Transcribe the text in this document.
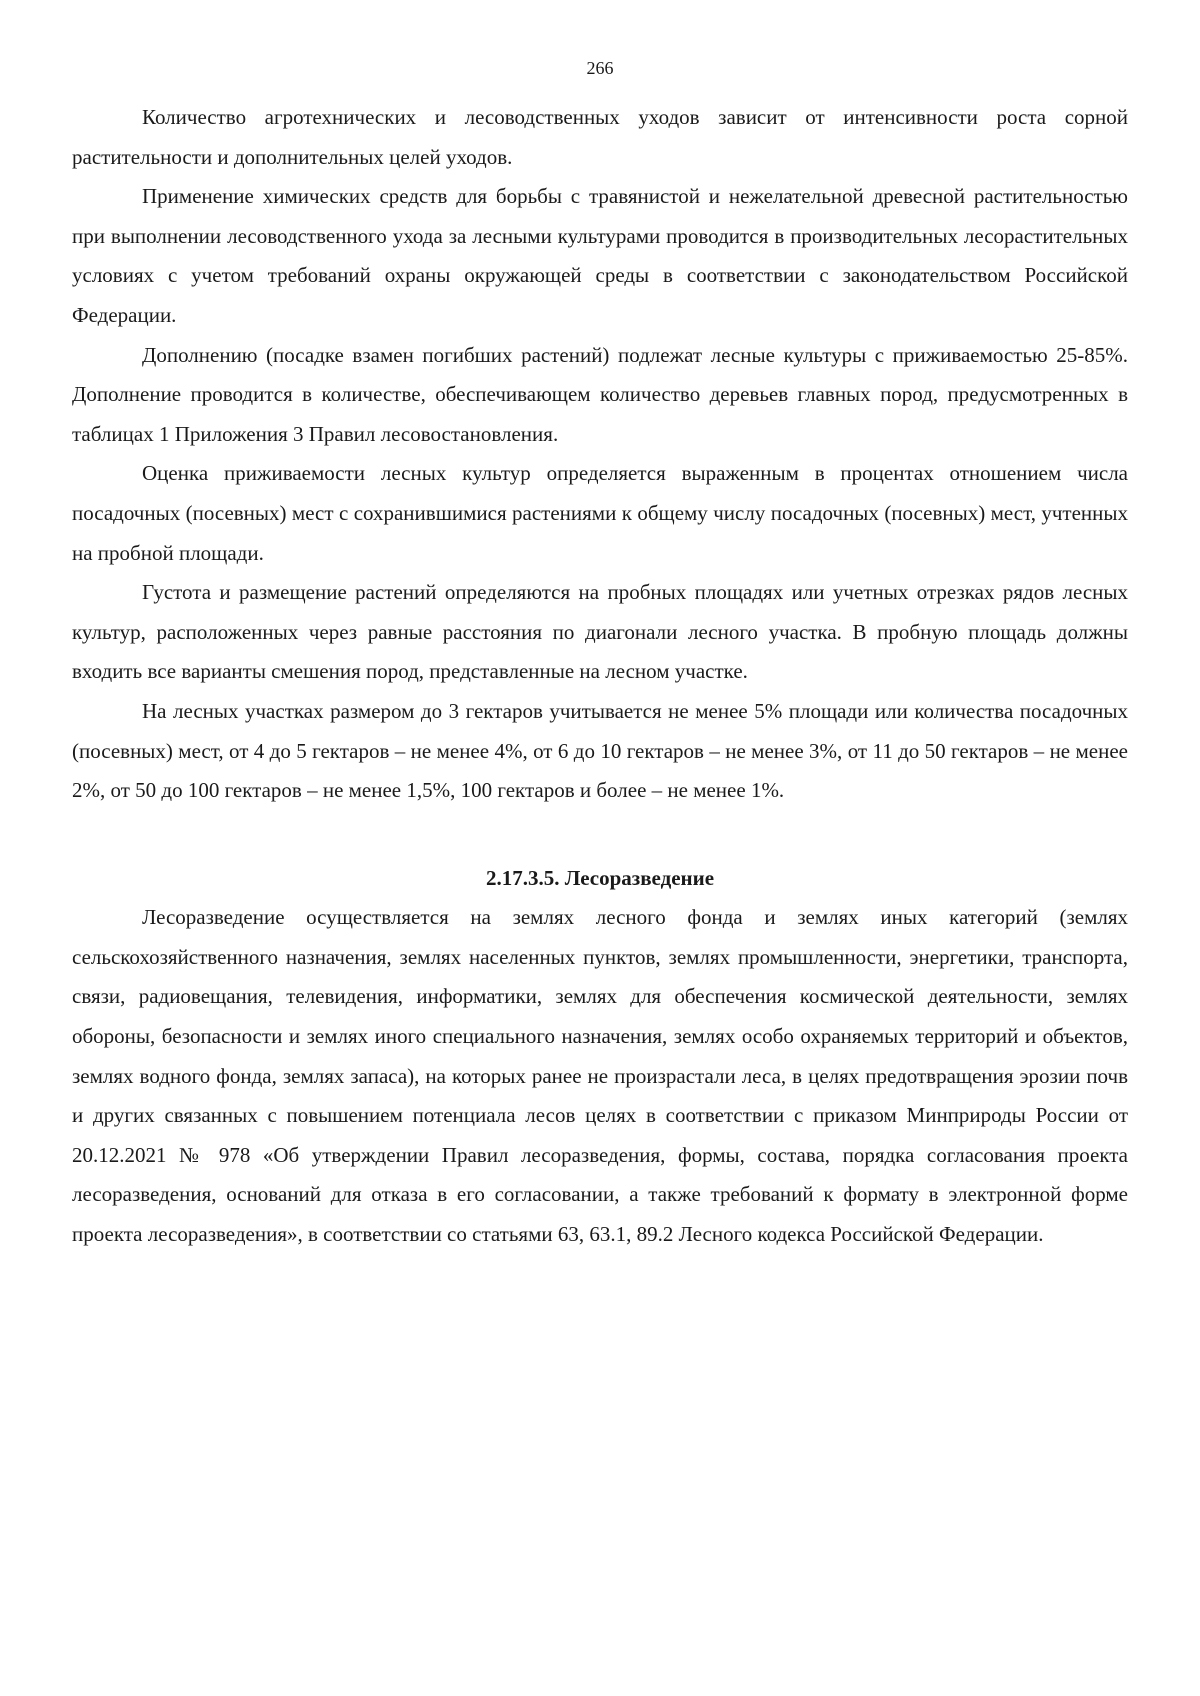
266

Количество агротехнических и лесоводственных уходов зависит от интенсивности роста сорной растительности и дополнительных целей уходов.

Применение химических средств для борьбы с травянистой и нежелательной древесной растительностью при выполнении лесоводственного ухода за лесными культурами проводится в производительных лесорастительных условиях с учетом требований охраны окружающей среды в соответствии с законодательством Российской Федерации.

Дополнению (посадке взамен погибших растений) подлежат лесные культуры с приживаемостью 25-85%. Дополнение проводится в количестве, обеспечивающем количество деревьев главных пород, предусмотренных в таблицах 1 Приложения 3 Правил лесовостановления.

Оценка приживаемости лесных культур определяется выраженным в процентах отношением числа посадочных (посевных) мест с сохранившимися растениями к общему числу посадочных (посевных) мест, учтенных на пробной площади.

Густота и размещение растений определяются на пробных площадях или учетных отрезках рядов лесных культур, расположенных через равные расстояния по диагонали лесного участка. В пробную площадь должны входить все варианты смешения пород, представленные на лесном участке.

На лесных участках размером до 3 гектаров учитывается не менее 5% площади или количества посадочных (посевных) мест, от 4 до 5 гектаров – не менее 4%, от 6 до 10 гектаров – не менее 3%, от 11 до 50 гектаров – не менее 2%, от 50 до 100 гектаров – не менее 1,5%, 100 гектаров и более – не менее 1%.

2.17.3.5. Лесоразведение

Лесоразведение осуществляется на землях лесного фонда и землях иных категорий (землях сельскохозяйственного назначения, землях населенных пунктов, землях промышленности, энергетики, транспорта, связи, радиовещания, телевидения, информатики, землях для обеспечения космической деятельности, землях обороны, безопасности и землях иного специального назначения, землях особо охраняемых территорий и объектов, землях водного фонда, землях запаса), на которых ранее не произрастали леса, в целях предотвращения эрозии почв и других связанных с повышением потенциала лесов целях в соответствии с приказом Минприроды России от 20.12.2021 № 978 «Об утверждении Правил лесоразведения, формы, состава, порядка согласования проекта лесоразведения, оснований для отказа в его согласовании, а также требований к формату в электронной форме проекта лесоразведения», в соответствии со статьями 63, 63.1, 89.2 Лесного кодекса Российской Федерации.
